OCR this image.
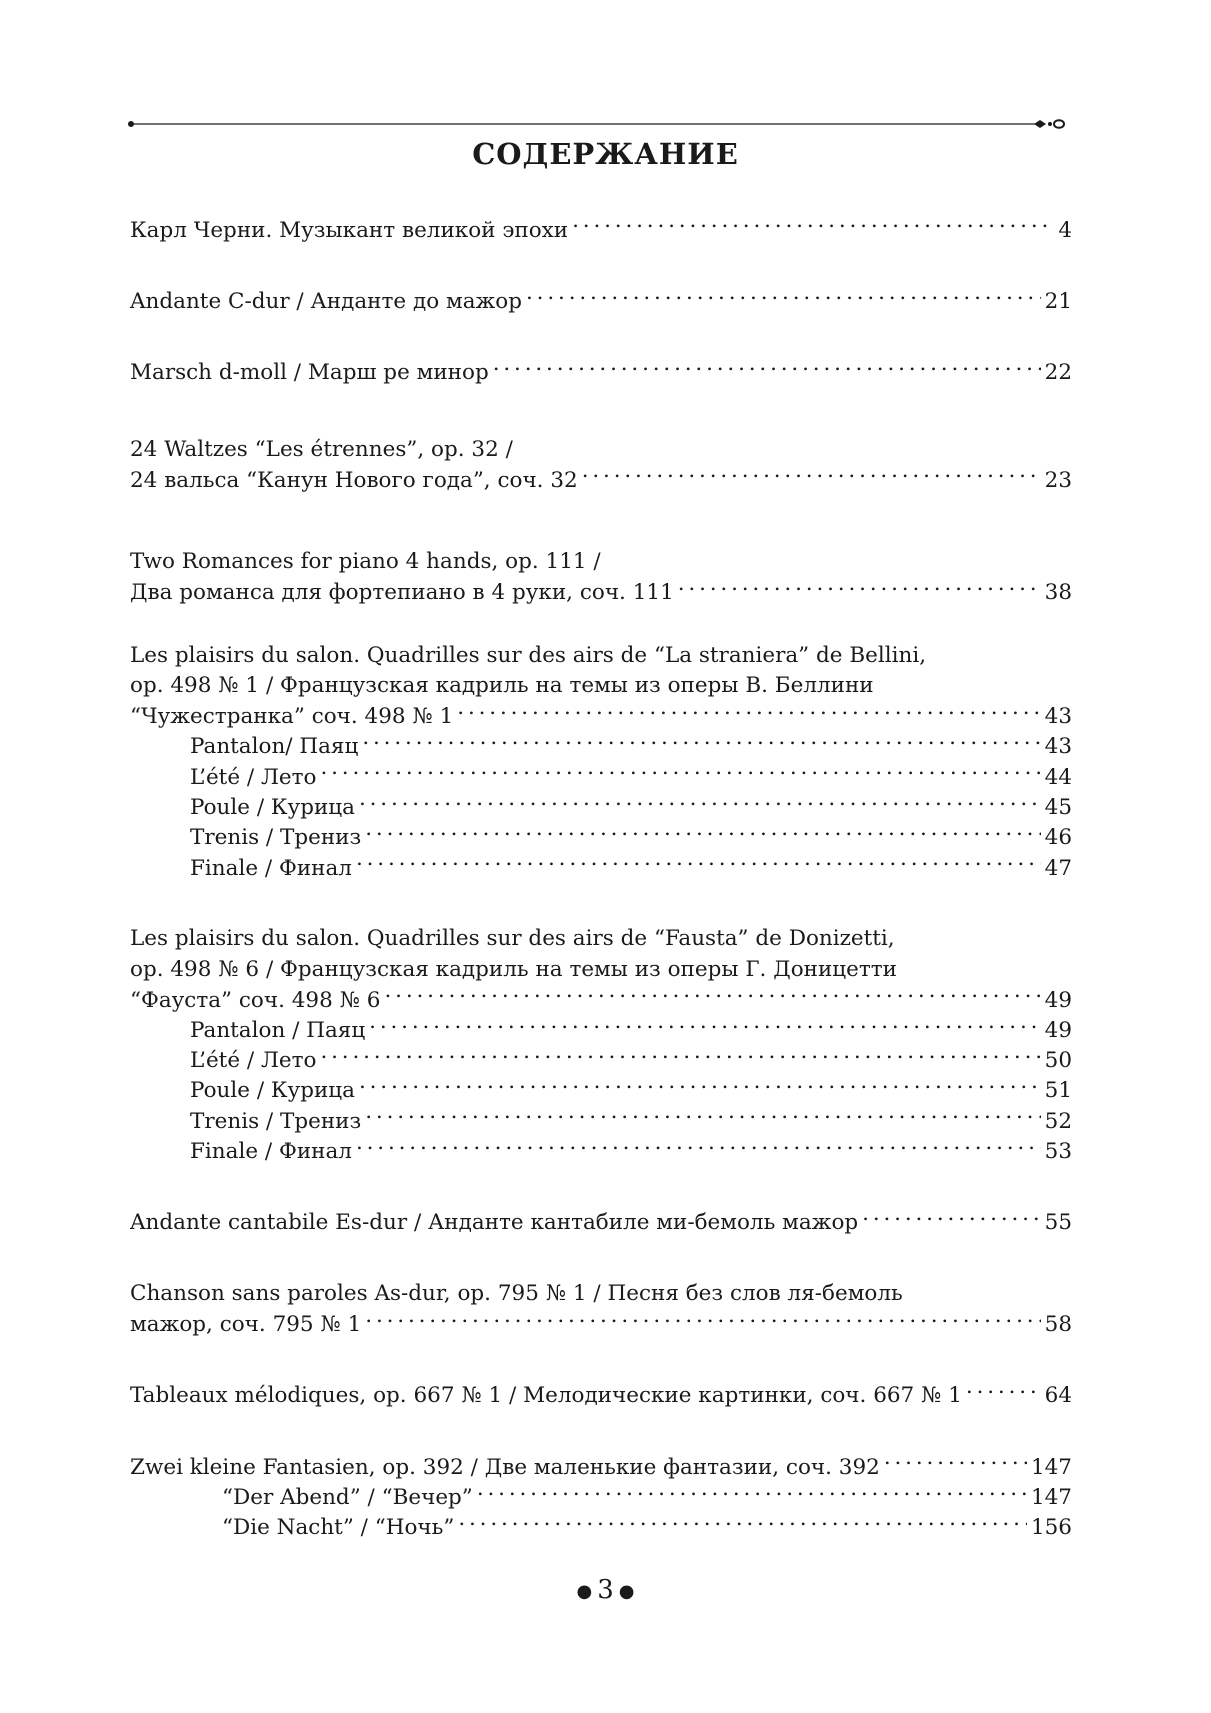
СОДЕРЖАНИЕ
Карл Черни. Музыкант великой эпохи . . .	4
Andante C-dur / Анданте до мажор . . .	21
Marsch d-moll / Марш ре минор . . .	22
24 Waltzes “Les étrennes”, op. 32 /
24 вальса “Канун Нового года”, соч. 32 . . .	23
Two Romances for piano 4 hands, op. 111 /
Два романса для фортепиано в 4 руки, соч. 111 . . .	38
Les plaisirs du salon. Quadrilles sur des airs de “La straniera” de Bellini,
op. 498 № 1 / Французская кадриль на темы из оперы В. Беллини
“Чужестранка” соч. 498 № 1 . . .	43
Pantalon/ Паяц . . .	43
L’été / Лето . . .	44
Poule / Курица . . .	45
Trenis / Трениз . . .	46
Finale / Финал . . .	47
Les plaisirs du salon. Quadrilles sur des airs de “Fausta” de Donizetti,
op. 498 № 6 / Французская кадриль на темы из оперы Г. Доницетти
“Фауста” соч. 498 № 6 . . .	49
Pantalon / Паяц . . .	49
L’été / Лето . . .	50
Poule / Курица . . .	51
Trenis / Трениз . . .	52
Finale / Финал . . .	53
Andante cantabile Es-dur / Анданте кантабиле ми-бемоль мажор . . .	55
Chanson sans paroles As-dur, op. 795 № 1 / Песня без слов ля-бемоль
мажор, соч. 795 № 1 . . .	58
Tableaux mélodiques, op. 667 № 1 / Мелодические картинки, соч. 667 № 1 . . .	64
Zwei kleine Fantasien, op. 392 / Две маленькие фантазии, соч. 392 . . .	147
“Der Abend” / “Вечер” . . .	147
“Die Nacht” / “Ночь” . . .	156
● 3 ●
